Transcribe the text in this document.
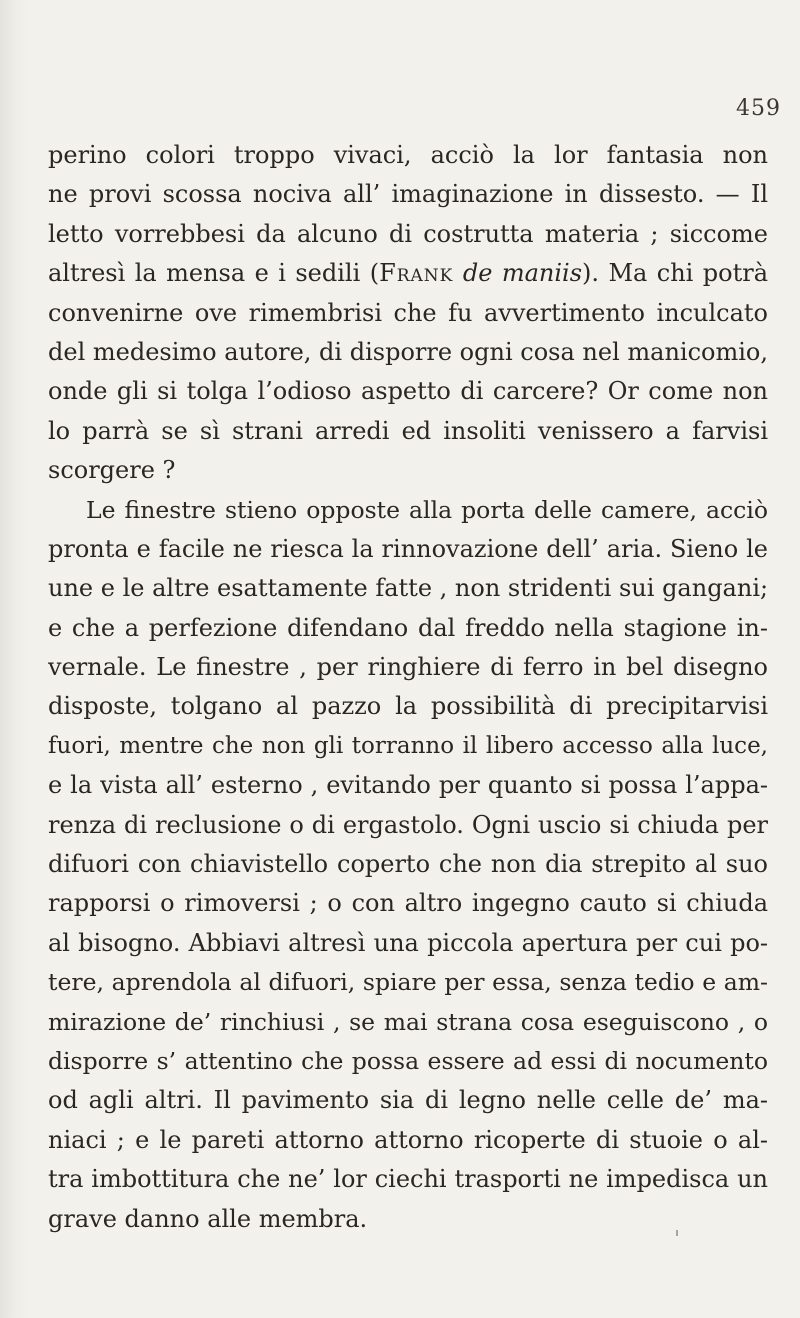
459
perino colori troppo vivaci, acciò la lor fantasia non
ne provi scossa nociva all’ imaginazione in dissesto. — Il
letto vorrebbesi da alcuno di costrutta materia ; siccome
altresì la mensa e i sedili (Frank de maniis). Ma chi potrà
convenirne ove rimembrisi che fu avvertimento inculcato
del medesimo autore, di disporre ogni cosa nel manicomio,
onde gli si tolga l’odioso aspetto di carcere? Or come non
lo parrà se sì strani arredi ed insoliti venissero a farvisi
scorgere ?
Le finestre stieno opposte alla porta delle camere, acciò
pronta e facile ne riesca la rinnovazione dell’ aria. Sieno le
une e le altre esattamente fatte , non stridenti sui gangani;
e che a perfezione difendano dal freddo nella stagione in-
vernale. Le finestre , per ringhiere di ferro in bel disegno
disposte, tolgano al pazzo la possibilità di precipitarvisi
fuori, mentre che non gli torranno il libero accesso alla luce,
e la vista all’ esterno , evitando per quanto si possa l’appa-
renza di reclusione o di ergastolo. Ogni uscio si chiuda per
difuori con chiavistello coperto che non dia strepito al suo
rapporsi o rimoversi ; o con altro ingegno cauto si chiuda
al bisogno. Abbiavi altresì una piccola apertura per cui po-
tere, aprendola al difuori, spiare per essa, senza tedio e am-
mirazione de’ rinchiusi , se mai strana cosa eseguiscono , o
disporre s’ attentino che possa essere ad essi di nocumento
od agli altri. Il pavimento sia di legno nelle celle de’ ma-
niaci ; e le pareti attorno attorno ricoperte di stuoie o al-
tra imbottitura che ne’ lor ciechi trasporti ne impedisca un
grave danno alle membra.
